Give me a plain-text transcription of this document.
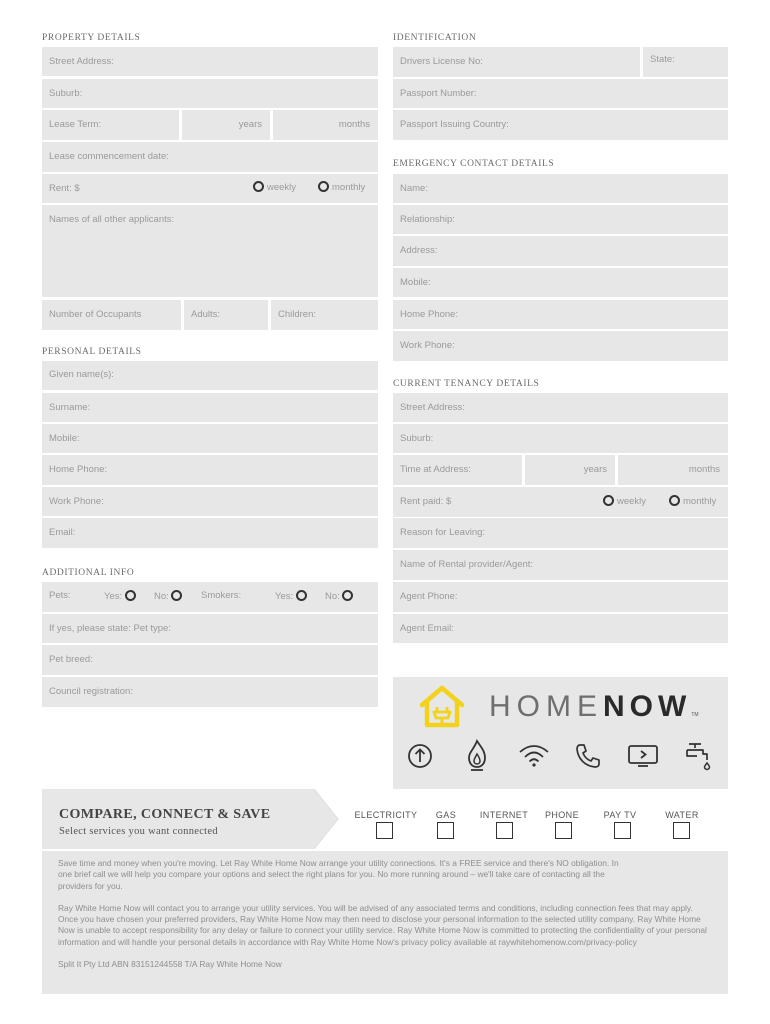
PROPERTY DETAILS
Street Address:
Suburb:
Lease Term:	years	months
Lease commencement date:
Rent: $	weekly	monthly
Names of all other applicants:
Number of Occupants	Adults:	Children:
PERSONAL DETAILS
Given name(s):
Surname:
Mobile:
Home Phone:
Work Phone:
Email:
ADDITIONAL INFO
Pets:	Yes:	No:	Smokers:	Yes:	No:
If yes, please state: Pet type:
Pet breed:
Council registration:
IDENTIFICATION
Drivers License No:	State:
Passport Number:
Passport Issuing Country:
EMERGENCY CONTACT DETAILS
Name:
Relationship:
Address:
Mobile:
Home Phone:
Work Phone:
CURRENT TENANCY DETAILS
Street Address:
Suburb:
Time at Address:	years	months
Rent paid: $	weekly	monthly
Reason for Leaving:
Name of Rental provider/Agent:
Agent Phone:
Agent Email:
HOMENOWTM
COMPARE, CONNECT & SAVE
Select services you want connected
ELECTRICITY	GAS	INTERNET	PHONE	PAY TV	WATER

Save time and money when you're moving. Let Ray White Home Now arrange your utility connections. It's a FREE service and there's NO obligation. In one brief call we will help you compare your options and select the right plans for you. No more running around – we'll take care of contacting all the providers for you.

Ray White Home Now will contact you to arrange your utility services. You will be advised of any associated terms and conditions, including connection fees that may apply. Once you have chosen your preferred providers, Ray White Home Now may then need to disclose your personal information to the selected utility company. Ray White Home Now is unable to accept responsibility for any delay or failure to connect your utility service. Ray White Home Now is committed to protecting the confidentiality of your personal information and will handle your personal details in accordance with Ray White Home Now's privacy policy available at raywhitehomenow.com/privacy-policy

Split It Pty Ltd ABN 83151244558 T/A Ray White Home Now
